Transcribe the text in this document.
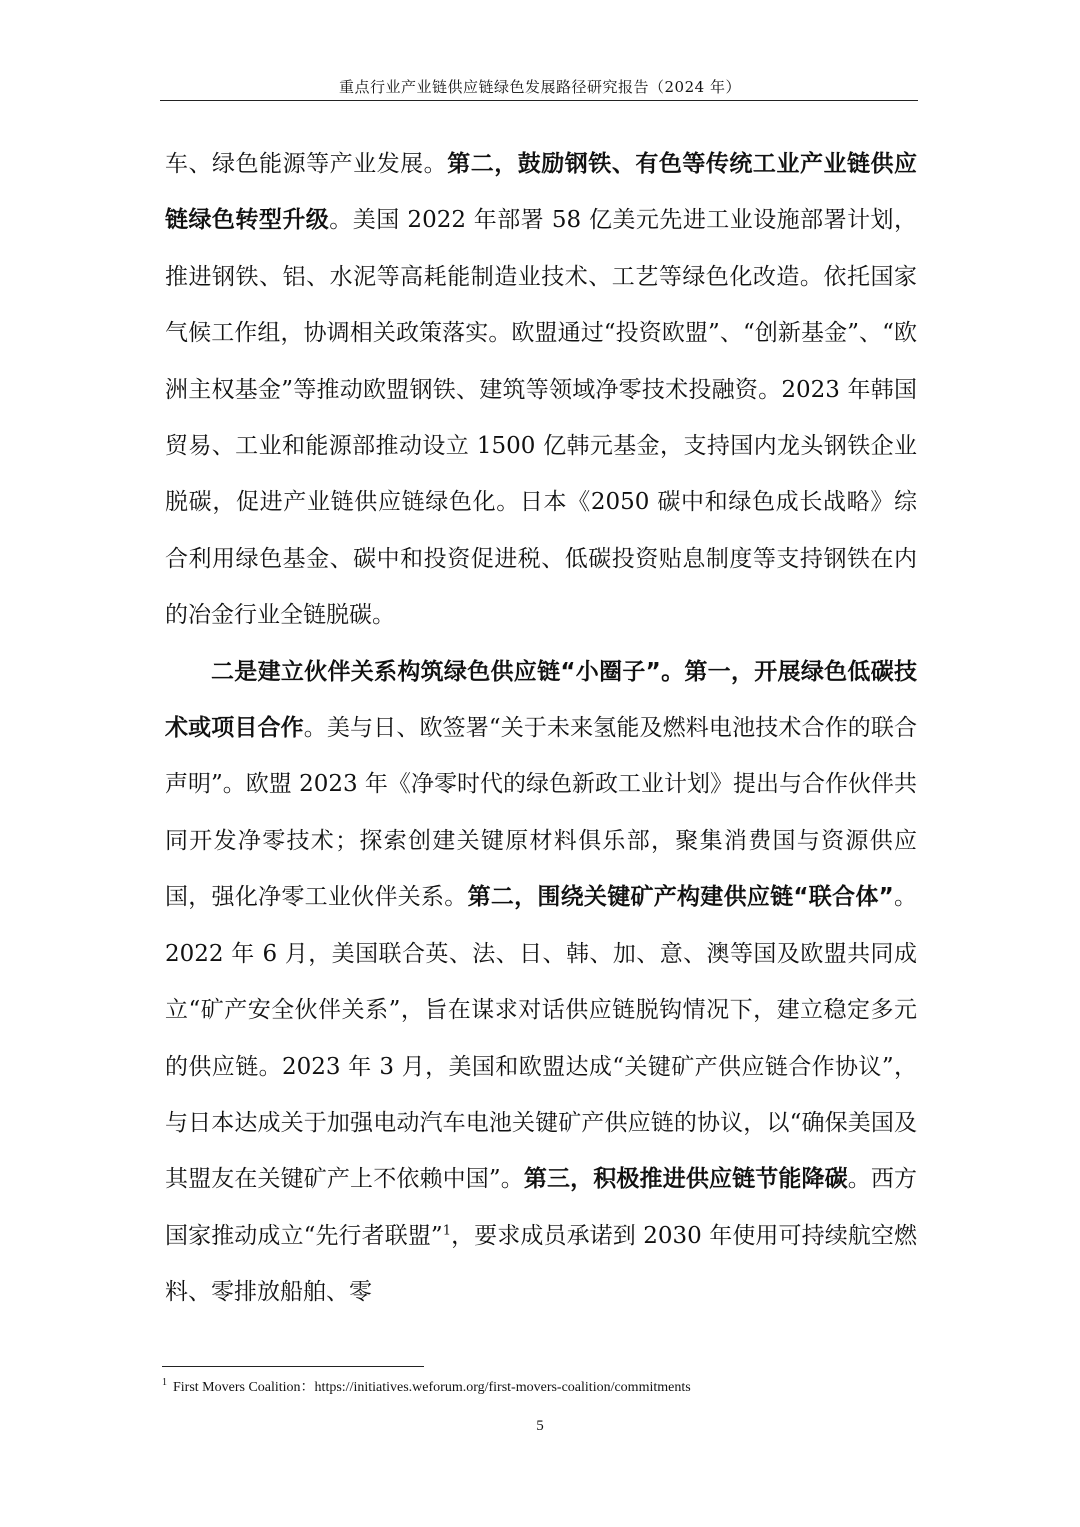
重点行业产业链供应链绿色发展路径研究报告（2024 年）

车、绿色能源等产业发展。第二，鼓励钢铁、有色等传统工业产业链供应链绿色转型升级。美国 2022 年部署 58 亿美元先进工业设施部署计划，推进钢铁、铝、水泥等高耗能制造业技术、工艺等绿色化改造。依托国家气候工作组，协调相关政策落实。欧盟通过“投资欧盟”、“创新基金”、“欧洲主权基金”等推动欧盟钢铁、建筑等领域净零技术投融资。2023 年韩国贸易、工业和能源部推动设立 1500 亿韩元基金，支持国内龙头钢铁企业脱碳，促进产业链供应链绿色化。日本《2050 碳中和绿色成长战略》综合利用绿色基金、碳中和投资促进税、低碳投资贴息制度等支持钢铁在内的冶金行业全链脱碳。

二是建立伙伴关系构筑绿色供应链“小圈子”。第一，开展绿色低碳技术或项目合作。美与日、欧签署“关于未来氢能及燃料电池技术合作的联合声明”。欧盟 2023 年《净零时代的绿色新政工业计划》提出与合作伙伴共同开发净零技术；探索创建关键原材料俱乐部，聚集消费国与资源供应国，强化净零工业伙伴关系。第二，围绕关键矿产构建供应链“联合体”。2022 年 6 月，美国联合英、法、日、韩、加、意、澳等国及欧盟共同成立“矿产安全伙伴关系”，旨在谋求对话供应链脱钩情况下，建立稳定多元的供应链。2023 年 3 月，美国和欧盟达成“关键矿产供应链合作协议”，与日本达成关于加强电动汽车电池关键矿产供应链的协议，以“确保美国及其盟友在关键矿产上不依赖中国”。第三，积极推进供应链节能降碳。西方国家推动成立“先行者联盟”$^1$，要求成员承诺到 2030 年使用可持续航空燃料、零排放船舶、零

$^1$ First Movers Coalition：https://initiatives.weforum.org/first-movers-coalition/commitments
5
